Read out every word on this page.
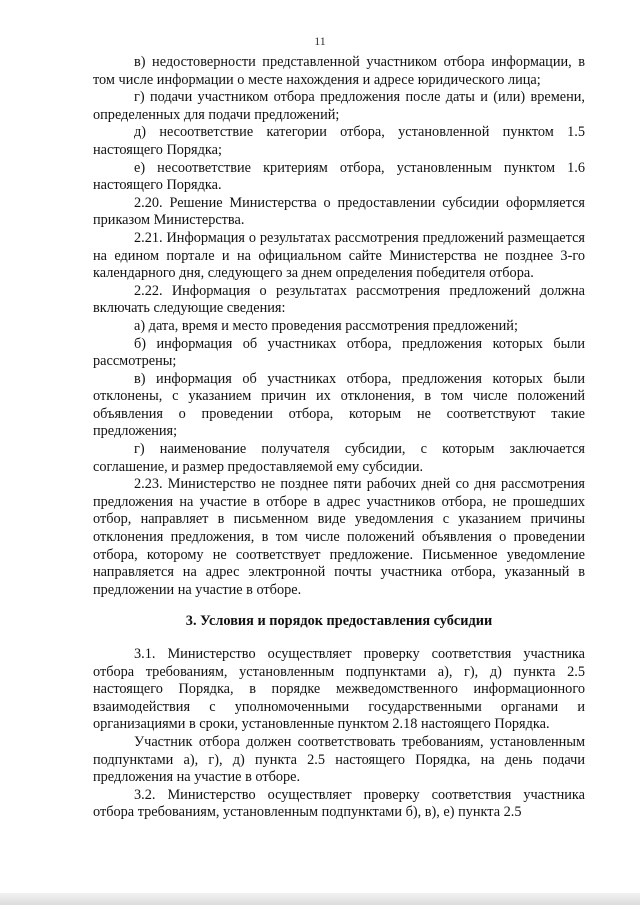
11

в) недостоверности представленной участником отбора информации, в том числе информации о месте нахождения и адресе юридического лица;

г) подачи участником отбора предложения после даты и (или) времени, определенных для подачи предложений;

д) несоответствие категории отбора, установленной пунктом 1.5 настоящего Порядка;

е) несоответствие критериям отбора, установленным пунктом 1.6 настоящего Порядка.

2.20. Решение Министерства о предоставлении субсидии оформляется приказом Министерства.

2.21. Информация о результатах рассмотрения предложений размещается на едином портале и на официальном сайте Министерства не позднее 3-го календарного дня, следующего за днем определения победителя отбора.

2.22. Информация о результатах рассмотрения предложений должна включать следующие сведения:

а) дата, время и место проведения рассмотрения предложений;

б) информация об участниках отбора, предложения которых были рассмотрены;

в) информация об участниках отбора, предложения которых были отклонены, с указанием причин их отклонения, в том числе положений объявления о проведении отбора, которым не соответствуют такие предложения;

г) наименование получателя субсидии, с которым заключается соглашение, и размер предоставляемой ему субсидии.

2.23. Министерство не позднее пяти рабочих дней со дня рассмотрения предложения на участие в отборе в адрес участников отбора, не прошедших отбор, направляет в письменном виде уведомления с указанием причины отклонения предложения, в том числе положений объявления о проведении отбора, которому не соответствует предложение. Письменное уведомление направляется на адрес электронной почты участника отбора, указанный в предложении на участие в отборе.

3. Условия и порядок предоставления субсидии

3.1. Министерство осуществляет проверку соответствия участника отбора требованиям, установленным подпунктами а), г), д) пункта 2.5 настоящего Порядка, в порядке межведомственного информационного взаимодействия с уполномоченными государственными органами и организациями в сроки, установленные пунктом 2.18 настоящего Порядка.

Участник отбора должен соответствовать требованиям, установленным подпунктами а), г), д) пункта 2.5 настоящего Порядка, на день подачи предложения на участие в отборе.

3.2. Министерство осуществляет проверку соответствия участника отбора требованиям, установленным подпунктами б), в), е) пункта 2.5
